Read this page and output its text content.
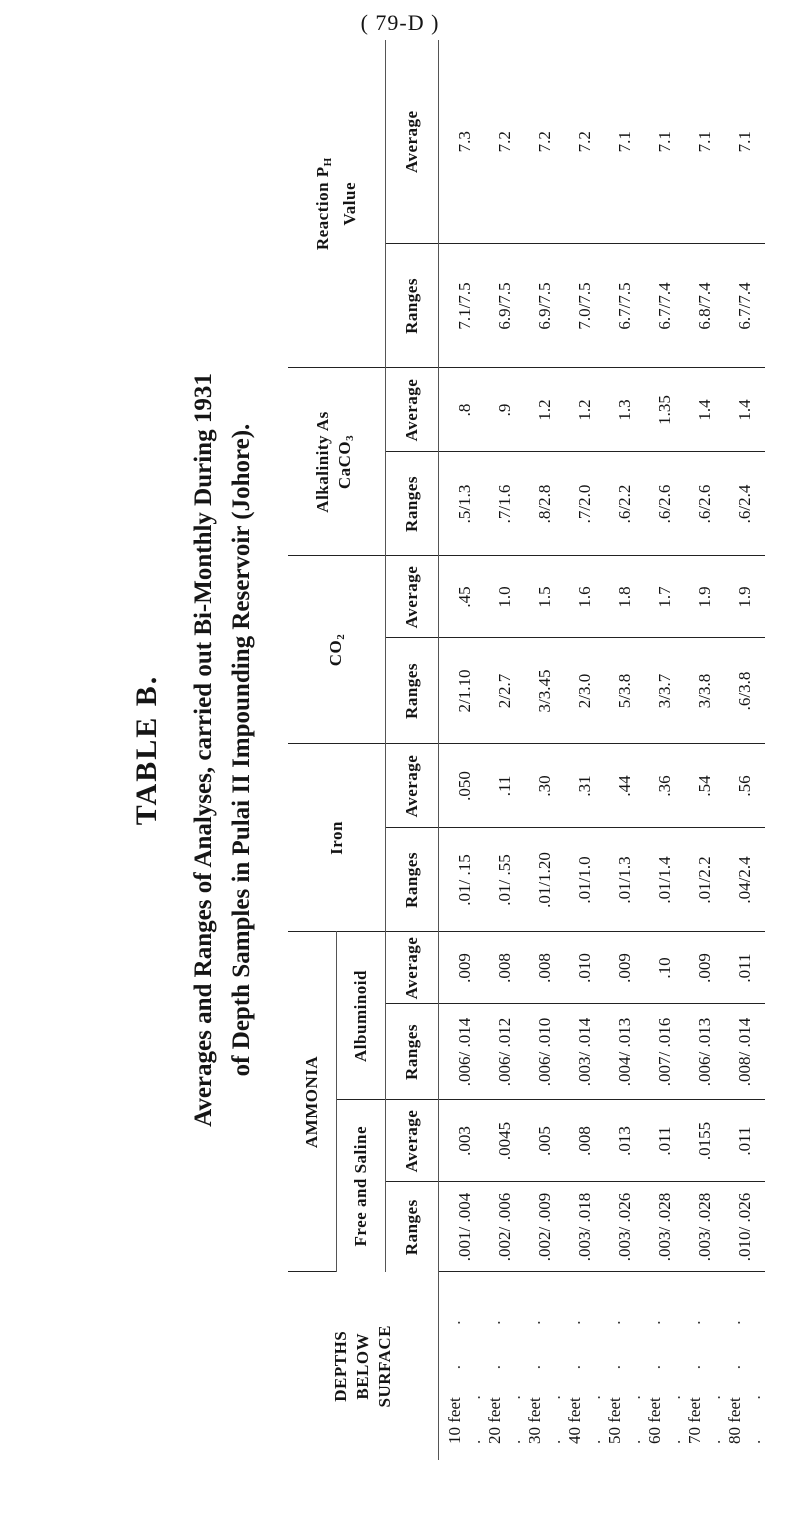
( 79-D )
TABLE B. Averages and Ranges of Analyses, carried out Bi-Monthly During 1931 of Depth Samples in Pulai II Impounding Reservoir (Johore).
DEPTHS BELOW SURFACE	AMMONIA				Iron		$CO_2$		Alkalinity As CaCO$_3$		Reaction $P_H$
Value	
	Free and Saline		Albuminoid									
	Ranges	Average	Ranges	Average	Ranges	Average	Ranges	Average	Ranges	Average	Ranges	Average
10 feet. . . .	.001/ .004	.003	.006/ .014	.009	.01/ .15	.050	2/1.10	.45	.5/1.3	.8	7.1/7.5	7.3
20 feet. . . .	.002/ .006	.0045	.006/ .012	.008	.01/ .55	.11	2/2.7	1.0	.7/1.6	.9	6.9/7.5	7.2
30 feet. . . .	.002/ .009	.005	.006/ .010	.008	.01/1.20	.30	3/3.45	1.5	.8/2.8	1.2	6.9/7.5	7.2
40 feet. . . .	.003/ .018	.008	.003/ .014	.010	.01/1.0	.31	2/3.0	1.6	.7/2.0	1.2	7.0/7.5	7.2
50 feet. . . .	.003/ .026	.013	.004/ .013	.009	.01/1.3	.44	5/3.8	1.8	.6/2.2	1.3	6.7/7.5	7.1
60 feet. . . .	.003/ .028	.011	.007/ .016	.10	.01/1.4	.36	3/3.7	1.7	.6/2.6	1.35	6.7/7.4	7.1
70 feet. . . .	.003/ .028	.0155	.006/ .013	.009	.01/2.2	.54	3/3.8	1.9	.6/2.6	1.4	6.8/7.4	7.1
80 feet. . . .	.010/ .026	.011	.008/ .014	.011	.04/2.4	.56	.6/3.8	1.9	.6/2.4	1.4	6.7/7.4	7.1
